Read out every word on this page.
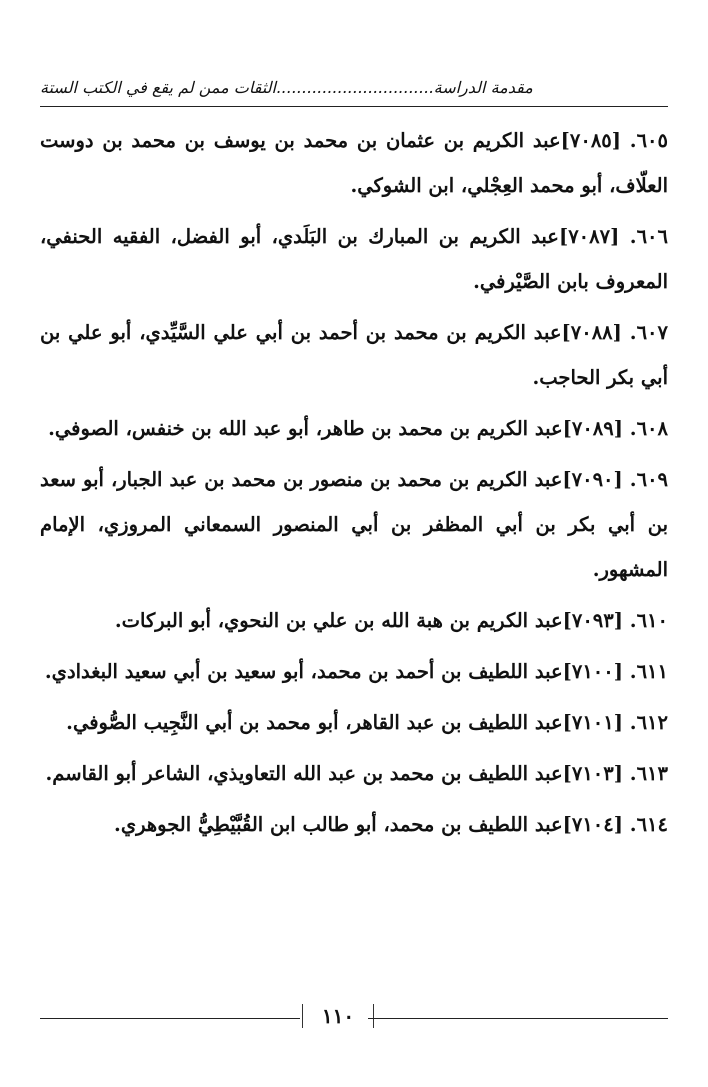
مقدمة الدراسة...............................الثقات ممن لم يقع في الكتب الستة

٦٠٥. [٧٠٨٥]عبد الكريم بن عثمان بن محمد بن يوسف بن محمد بن دوست العلّاف، أبو محمد العِجْلي، ابن الشوكي.

٦٠٦. [٧٠٨٧]عبد الكريم بن المبارك بن البَلَدي، أبو الفضل، الفقيه الحنفي، المعروف بابن الصَّيْرفي.

٦٠٧. [٧٠٨٨]عبد الكريم بن محمد بن أحمد بن أبي علي السَّيِّدي، أبو علي بن أبي بكر الحاجب.

٦٠٨. [٧٠٨٩]عبد الكريم بن محمد بن طاهر، أبو عبد الله بن خنفس، الصوفي.

٦٠٩. [٧٠٩٠]عبد الكريم بن محمد بن منصور بن محمد بن عبد الجبار، أبو سعد بن أبي بكر بن أبي المظفر بن أبي المنصور السمعاني المروزي، الإمام المشهور.

٦١٠. [٧٠٩٣]عبد الكريم بن هبة الله بن علي بن النحوي، أبو البركات.

٦١١. [٧١٠٠]عبد اللطيف بن أحمد بن محمد، أبو سعيد بن أبي سعيد البغدادي.

٦١٢. [٧١٠١]عبد اللطيف بن عبد القاهر، أبو محمد بن أبي النَّجِيب الصُّوفي.

٦١٣. [٧١٠٣]عبد اللطيف بن محمد بن عبد الله التعاويذي، الشاعر أبو القاسم.

٦١٤. [٧١٠٤]عبد اللطيف بن محمد، أبو طالب ابن القُبَّيْطِيُّ الجوهري.

١١٠
